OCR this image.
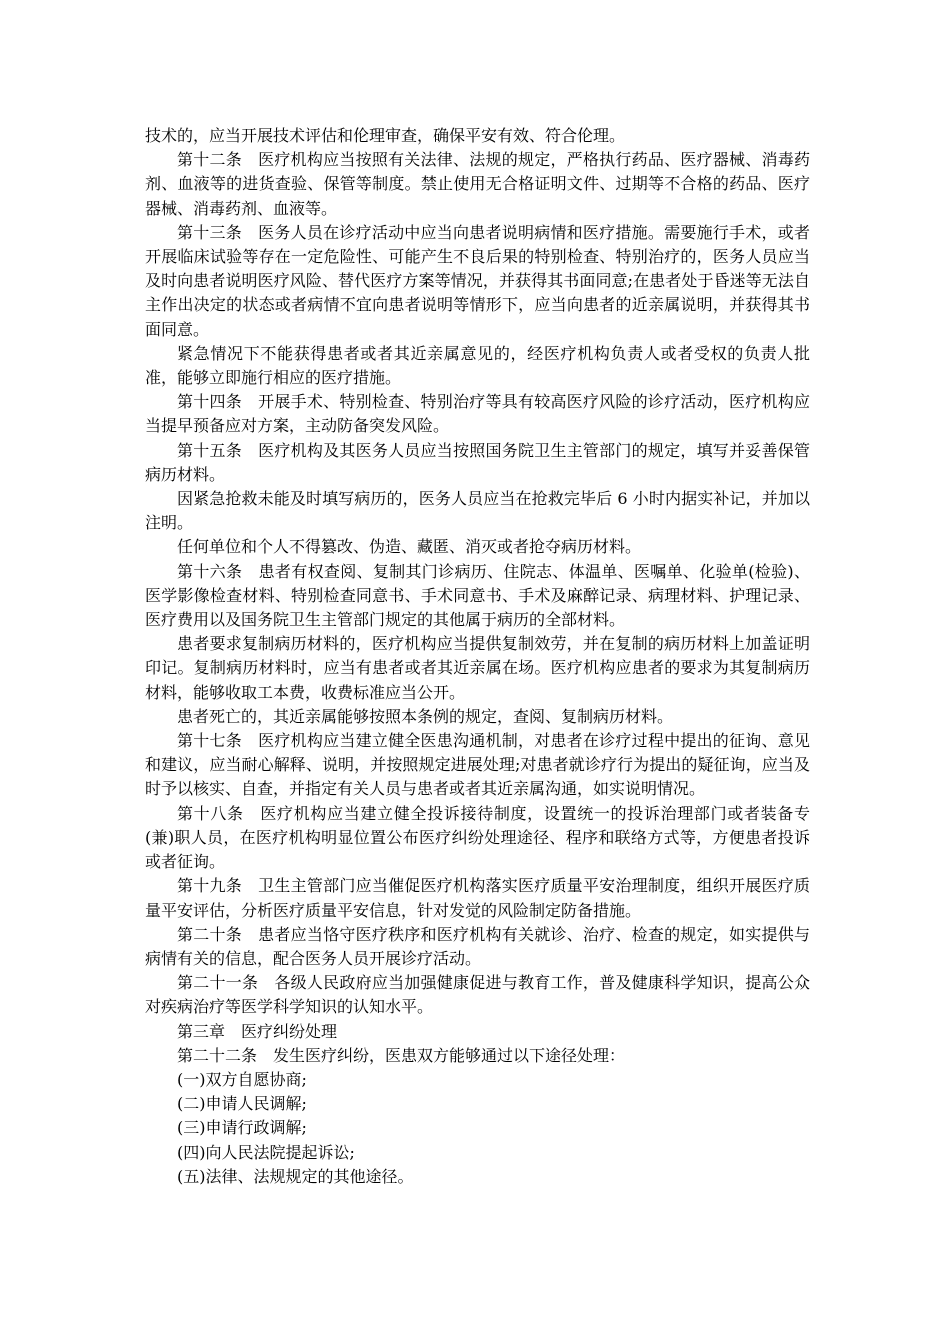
技术的，应当开展技术评估和伦理审查，确保平安有效、符合伦理。

第十二条　医疗机构应当按照有关法律、法规的规定，严格执行药品、医疗器械、消毒药剂、血液等的进货查验、保管等制度。禁止使用无合格证明文件、过期等不合格的药品、医疗器械、消毒药剂、血液等。

第十三条　医务人员在诊疗活动中应当向患者说明病情和医疗措施。需要施行手术，或者开展临床试验等存在一定危险性、可能产生不良后果的特别检查、特别治疗的，医务人员应当及时向患者说明医疗风险、替代医疗方案等情况，并获得其书面同意;在患者处于昏迷等无法自主作出决定的状态或者病情不宜向患者说明等情形下，应当向患者的近亲属说明，并获得其书面同意。

紧急情况下不能获得患者或者其近亲属意见的，经医疗机构负责人或者受权的负责人批准，能够立即施行相应的医疗措施。

第十四条　开展手术、特别检查、特别治疗等具有较高医疗风险的诊疗活动，医疗机构应当提早预备应对方案，主动防备突发风险。

第十五条　医疗机构及其医务人员应当按照国务院卫生主管部门的规定，填写并妥善保管病历材料。

因紧急抢救未能及时填写病历的，医务人员应当在抢救完毕后 6 小时内据实补记，并加以注明。

任何单位和个人不得篡改、伪造、藏匿、消灭或者抢夺病历材料。

第十六条　患者有权查阅、复制其门诊病历、住院志、体温单、医嘱单、化验单(检验)、医学影像检查材料、特别检查同意书、手术同意书、手术及麻醉记录、病理材料、护理记录、医疗费用以及国务院卫生主管部门规定的其他属于病历的全部材料。

患者要求复制病历材料的，医疗机构应当提供复制效劳，并在复制的病历材料上加盖证明印记。复制病历材料时，应当有患者或者其近亲属在场。医疗机构应患者的要求为其复制病历材料，能够收取工本费，收费标准应当公开。

患者死亡的，其近亲属能够按照本条例的规定，查阅、复制病历材料。

第十七条　医疗机构应当建立健全医患沟通机制，对患者在诊疗过程中提出的征询、意见和建议，应当耐心解释、说明，并按照规定进展处理;对患者就诊疗行为提出的疑征询，应当及时予以核实、自查，并指定有关人员与患者或者其近亲属沟通，如实说明情况。

第十八条　医疗机构应当建立健全投诉接待制度，设置统一的投诉治理部门或者装备专(兼)职人员，在医疗机构明显位置公布医疗纠纷处理途径、程序和联络方式等，方便患者投诉或者征询。

第十九条　卫生主管部门应当催促医疗机构落实医疗质量平安治理制度，组织开展医疗质量平安评估，分析医疗质量平安信息，针对发觉的风险制定防备措施。

第二十条　患者应当恪守医疗秩序和医疗机构有关就诊、治疗、检查的规定，如实提供与病情有关的信息，配合医务人员开展诊疗活动。

第二十一条　各级人民政府应当加强健康促进与教育工作，普及健康科学知识，提高公众对疾病治疗等医学科学知识的认知水平。

第三章　医疗纠纷处理

第二十二条　发生医疗纠纷，医患双方能够通过以下途径处理：

(一)双方自愿协商;

(二)申请人民调解;

(三)申请行政调解;

(四)向人民法院提起诉讼;

(五)法律、法规规定的其他途径。
